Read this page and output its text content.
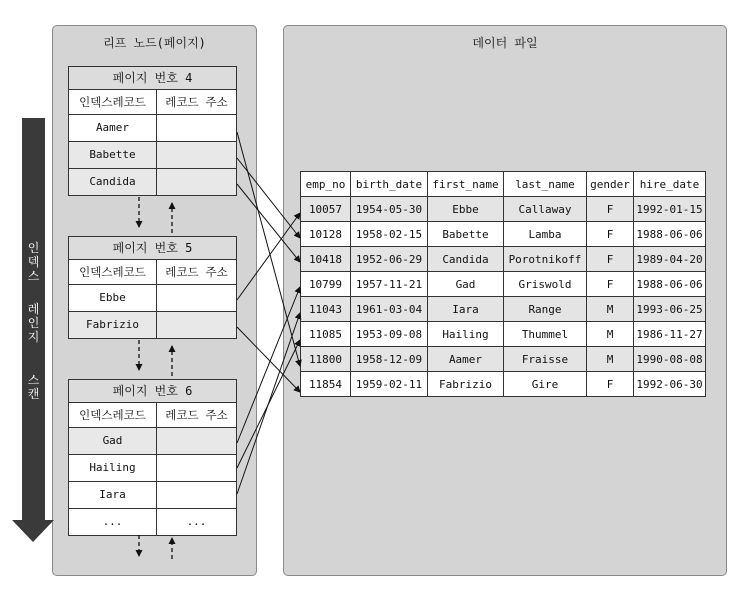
리프 노드(페이지)	데이터 파일
인
덱
스
레
인
지
스
캔
페이지 번호 4
인덱스레코드	레코드 주소
Aamer
Babette
Candida
페이지 번호 5
인덱스레코드	레코드 주소
Ebbe
Fabrizio
페이지 번호 6
인덱스레코드	레코드 주소
Gad
Hailing
Iara
...	...
emp_no	birth_date	first_name	last_name	gender	hire_date
10057	1954-05-30	Ebbe	Callaway	F	1992-01-15
10128	1958-02-15	Babette	Lamba	F	1988-06-06
10418	1952-06-29	Candida	Porotnikoff	F	1989-04-20
10799	1957-11-21	Gad	Griswold	F	1988-06-06
11043	1961-03-04	Iara	Range	M	1993-06-25
11085	1953-09-08	Hailing	Thummel	M	1986-11-27
11800	1958-12-09	Aamer	Fraisse	M	1990-08-08
11854	1959-02-11	Fabrizio	Gire	F	1992-06-30
